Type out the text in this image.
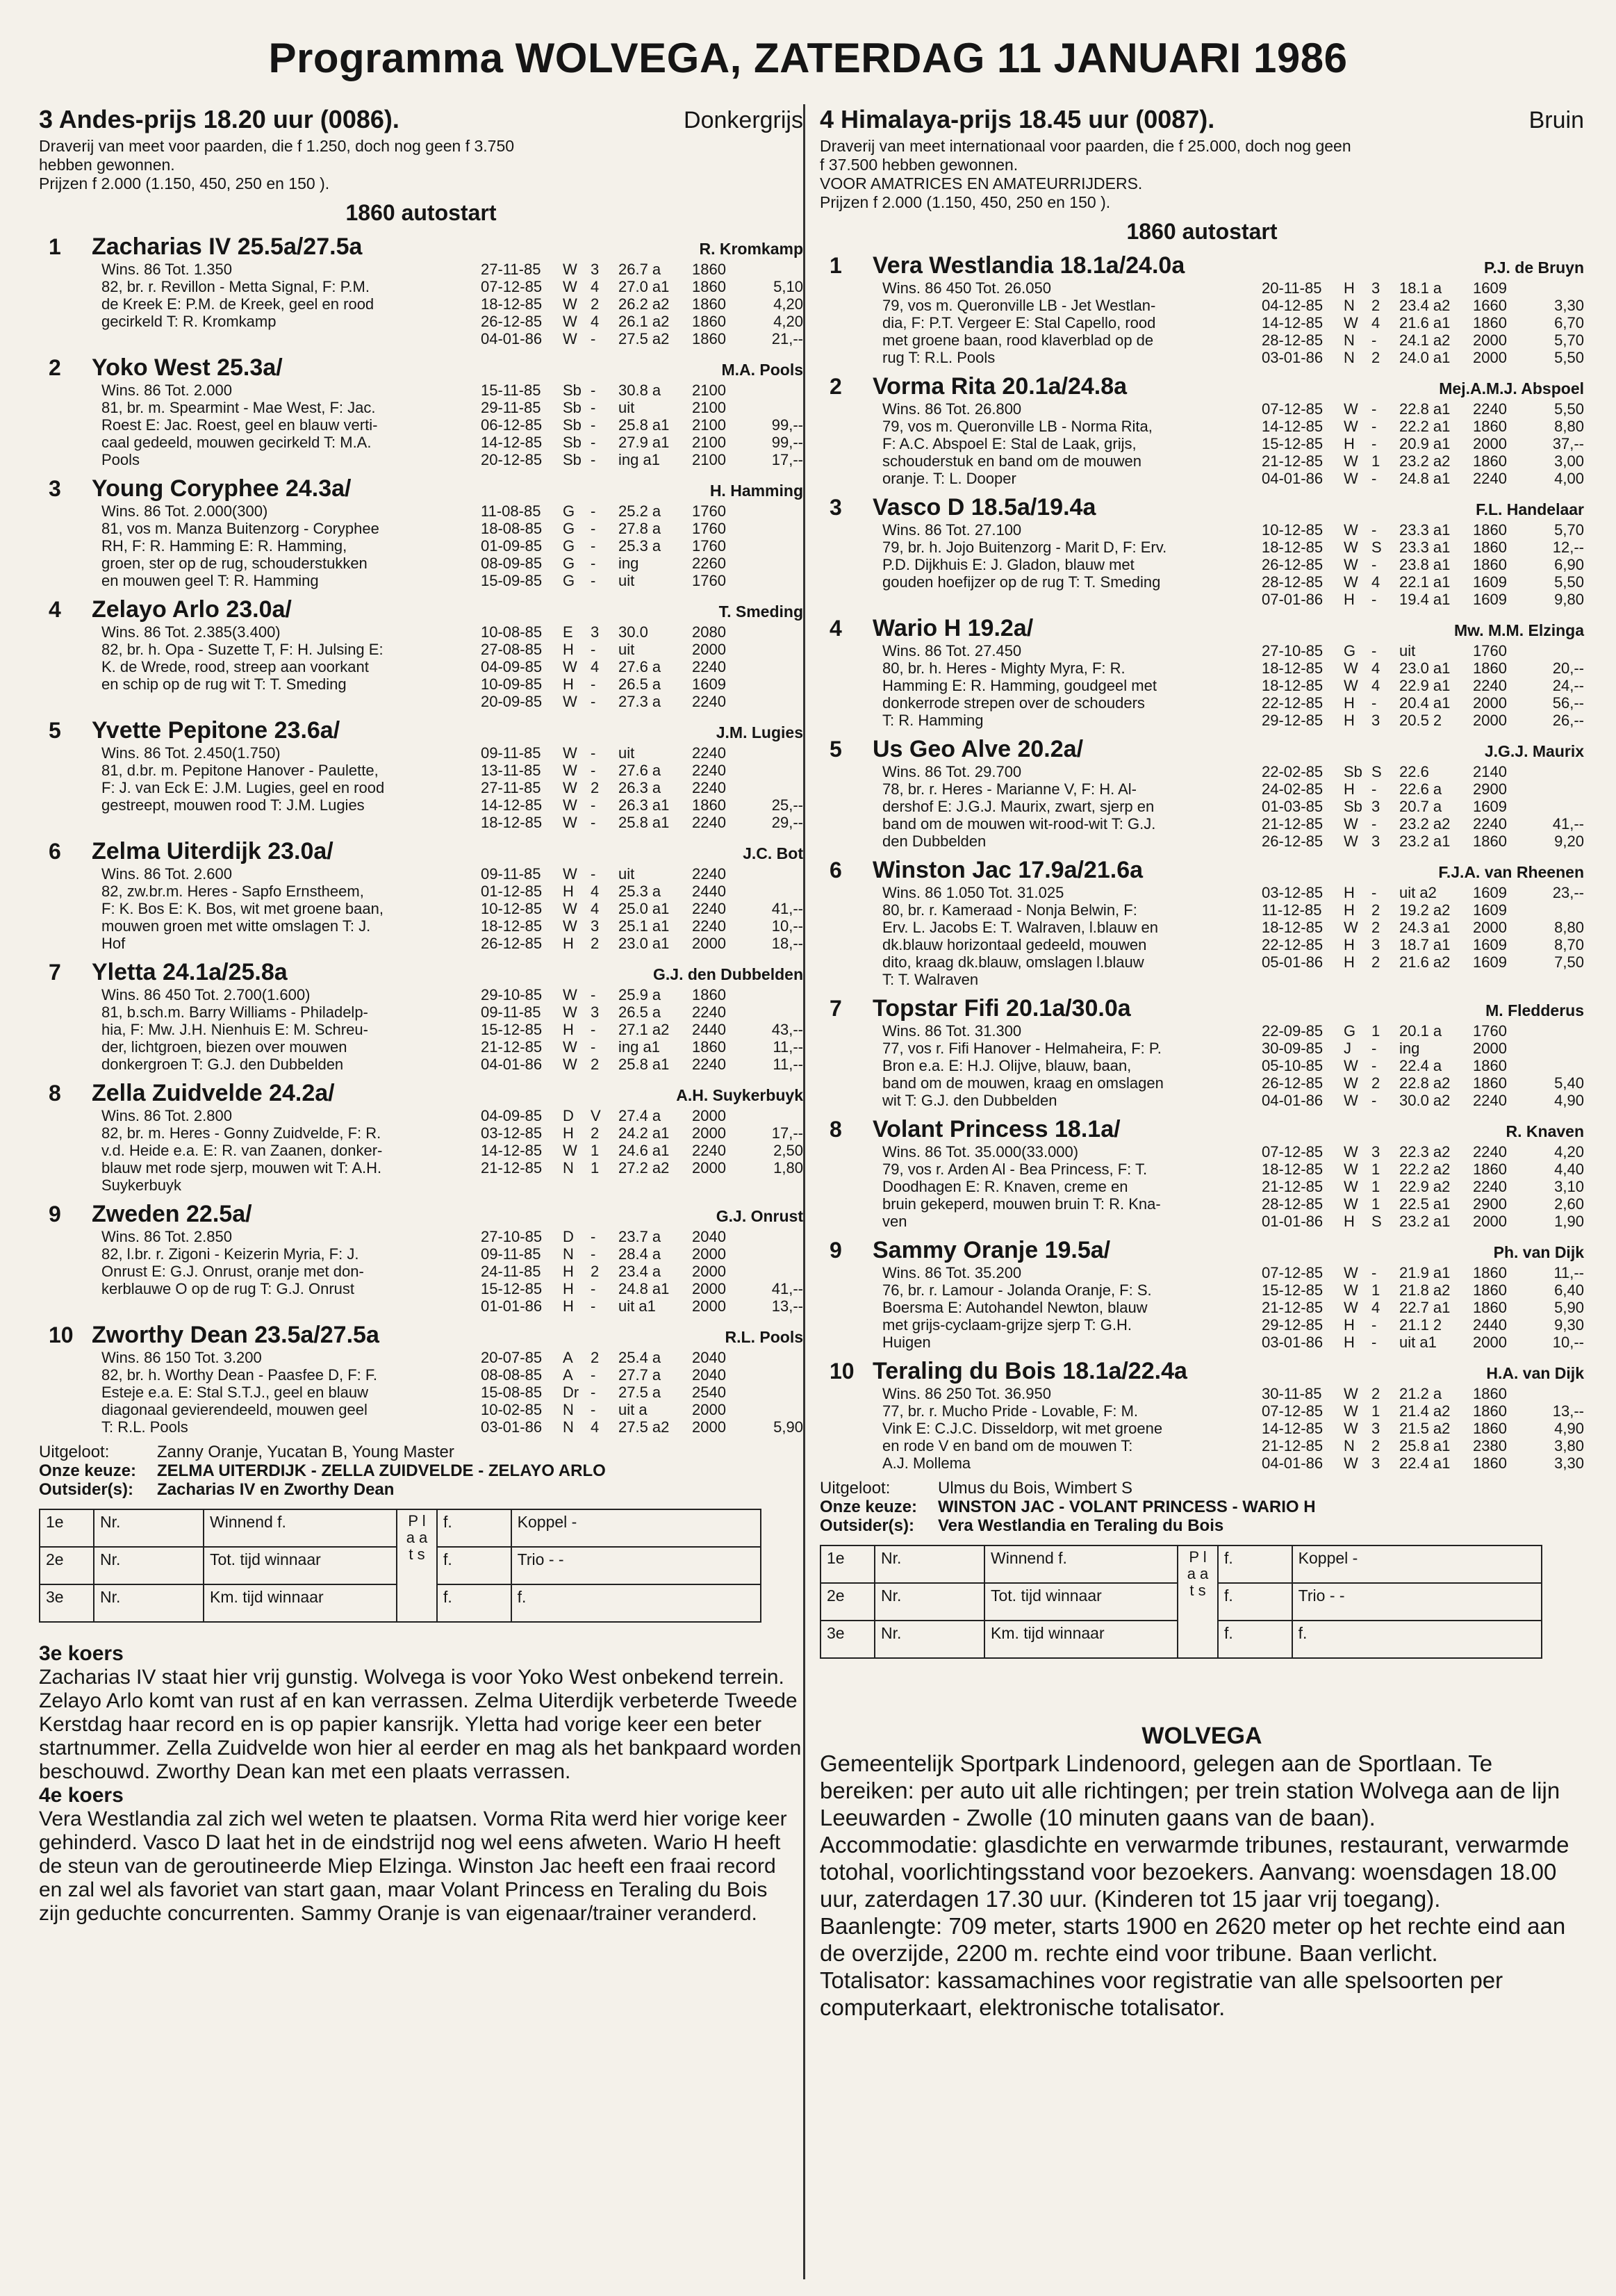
Programma WOLVEGA, ZATERDAG 11 JANUARI 1986
3 Andes-prijs 18.20 uur (0086).	Donkergrijs
Draverij van meet voor paarden, die f 1.250, doch nog geen f 3.750
hebben gewonnen.
Prijzen f 2.000 (1.150, 450, 250 en 150 ).
1860 autostart
1	Zacharias IV 25.5a/27.5a	R. Kromkamp
Wins. 86 Tot. 1.350
82, br. r. Revillon - Metta Signal, F: P.M.
de Kreek E: P.M. de Kreek, geel en rood
gecirkeld T: R. Kromkamp
27-11-85	W 3	26.7 a	1860
07-12-85	W 4	27.0 a1	1860	5,10
18-12-85	W 2	26.2 a2	1860	4,20
26-12-85	W 4	26.1 a2	1860	4,20
04-01-86	W -	27.5 a2	1860	21,--
2	Yoko West 25.3a/	M.A. Pools
Wins. 86 Tot. 2.000
81, br. m. Spearmint - Mae West, F: Jac.
Roest E: Jac. Roest, geel en blauw verti-
caal gedeeld, mouwen gecirkeld T: M.A.
Pools
15-11-85	Sb -	30.8 a	2100
29-11-85	Sb -	uit	2100
06-12-85	Sb -	25.8 a1	2100	99,--
14-12-85	Sb -	27.9 a1	2100	99,--
20-12-85	Sb -	ing a1	2100	17,--
3	Young Coryphee 24.3a/	H. Hamming
Wins. 86 Tot. 2.000(300)
81, vos m. Manza Buitenzorg - Coryphee
RH, F: R. Hamming E: R. Hamming,
groen, ster op de rug, schouderstukken
en mouwen geel T: R. Hamming
11-08-85	G	-	25.2 a	1760
18-08-85	G	-	27.8 a	1760
01-09-85	G	-	25.3 a	1760
08-09-85	G	-	ing	2260
15-09-85	G	-	uit	1760
4	Zelayo Arlo 23.0a/	T. Smeding
Wins. 86 Tot. 2.385(3.400)
82, br. h. Opa - Suzette T, F: H. Julsing E:
K. de Wrede, rood, streep aan voorkant
en schip op de rug wit T: T. Smeding
10-08-85	E	3	30.0	2080
27-08-85	H	-	uit	2000
04-09-85	W 4	27.6 a	2240
10-09-85	H	-	26.5 a	1609
20-09-85	W -	27.3 a	2240
5	Yvette Pepitone 23.6a/	J.M. Lugies
Wins. 86 Tot. 2.450(1.750)
81, d.br. m. Pepitone Hanover - Paulette,
F: J. van Eck E: J.M. Lugies, geel en rood
gestreept, mouwen rood T: J.M. Lugies
09-11-85	W -	uit	2240
13-11-85	W -	27.6 a	2240
27-11-85	W 2	26.3 a	2240
14-12-85	W -	26.3 a1	1860	25,--
18-12-85	W -	25.8 a1	2240	29,--
6	Zelma Uiterdijk 23.0a/	J.C. Bot
Wins. 86 Tot. 2.600
82, zw.br.m. Heres - Sapfo Ernstheem,
F: K. Bos E: K. Bos, wit met groene baan,
mouwen groen met witte omslagen T: J.
Hof
09-11-85	W -	uit	2240
01-12-85	H	4	25.3 a	2440
10-12-85	W 4	25.0 a1	2240	41,--
18-12-85	W 3	25.1 a1	2240	10,--
26-12-85	H	2	23.0 a1	2000	18,--
7	Yletta 24.1a/25.8a	G.J. den Dubbelden
Wins. 86 450 Tot. 2.700(1.600)
81, b.sch.m. Barry Williams - Philadelp-
hia, F: Mw. J.H. Nienhuis E: M. Schreu-
der, lichtgroen, biezen over mouwen
donkergroen T: G.J. den Dubbelden
29-10-85	W -	25.9 a	1860
09-11-85	W 3	26.5 a	2240
15-12-85	H	-	27.1 a2	2440	43,--
21-12-85	W -	ing a1	1860	11,--
04-01-86	W 2	25.8 a1	2240	11,--
8	Zella Zuidvelde 24.2a/	A.H. Suykerbuyk
Wins. 86 Tot. 2.800
82, br. m. Heres - Gonny Zuidvelde, F: R.
v.d. Heide e.a. E: R. van Zaanen, donker-
blauw met rode sjerp, mouwen wit T: A.H.
Suykerbuyk
04-09-85	D	V	27.4 a	2000
03-12-85	H	2	24.2 a1	2000	17,--
14-12-85	W 1	24.6 a1	2240	2,50
21-12-85	N	1	27.2 a2	2000	1,80
9	Zweden 22.5a/	G.J. Onrust
Wins. 86 Tot. 2.850
82, l.br. r. Zigoni - Keizerin Myria, F: J.
Onrust E: G.J. Onrust, oranje met don-
kerblauwe O op de rug T: G.J. Onrust
27-10-85	D	-	23.7 a	2040
09-11-85	N	-	28.4 a	2000
24-11-85	H	2	23.4 a	2000
15-12-85	H	-	24.8 a1	2000	41,--
01-01-86	H	-	uit a1	2000	13,--
10 Zworthy Dean 23.5a/27.5a	R.L. Pools
Wins. 86 150 Tot. 3.200
82, br. h. Worthy Dean - Paasfee D, F: F.
Esteje e.a. E: Stal S.T.J., geel en blauw
diagonaal gevierendeeld, mouwen geel
T: R.L. Pools
20-07-85	A	2	25.4 a	2040
08-08-85	A	-	27.7 a	2040
15-08-85	Dr -	27.5 a	2540
10-02-85	N	-	uit a	2000
03-01-86	N	4	27.5 a2	2000	5,90
Uitgeloot:	Zanny Oranje, Yucatan B, Young Master
Onze keuze: ZELMA UITERDIJK - ZELLA ZUIDVELDE - ZELAYO ARLO
Outsider(s): Zacharias IV en Zworthy Dean
1e	Nr.	Winnend f.	P l a a t s	f.	Koppel -
2e	Nr.	Tot. tijd winnaar		f.	Trio - -
3e	Nr.	Km. tijd winnaar		f.	f.
3e koers
Zacharias IV staat hier vrij gunstig. Wolvega is voor Yoko West onbekend terrein. Zelayo Arlo komt van rust af en kan verrassen. Zelma Uiterdijk verbeterde Tweede Kerstdag haar record en is op papier kansrijk. Yletta had vorige keer een beter startnummer. Zella Zuidvelde won hier al eerder en mag als het bankpaard worden beschouwd. Zworthy Dean kan met een plaats verrassen.
4e koers
Vera Westlandia zal zich wel weten te plaatsen. Vorma Rita werd hier vorige keer gehinderd. Vasco D laat het in de eindstrijd nog wel eens afweten. Wario H heeft de steun van de geroutineerde Miep Elzinga. Winston Jac heeft een fraai record en zal wel als favoriet van start gaan, maar Volant Princess en Teraling du Bois zijn geduchte concurrenten. Sammy Oranje is van eigenaar/trainer veranderd.
4 Himalaya-prijs 18.45 uur (0087).	Bruin
Draverij van meet internationaal voor paarden, die f 25.000, doch nog geen
f 37.500 hebben gewonnen.
VOOR AMATRICES EN AMATEURRIJDERS.
Prijzen f 2.000 (1.150, 450, 250 en 150 ).
1860 autostart
1	Vera Westlandia 18.1a/24.0a	P.J. de Bruyn
Wins. 86 450 Tot. 26.050
79, vos m. Queronville LB - Jet Westlan-
dia, F: P.T. Vergeer E: Stal Capello, rood
met groene baan, rood klaverblad op de
rug T: R.L. Pools
20-11-85	H	3	18.1 a	1609
04-12-85	N	2	23.4 a2	1660	3,30
14-12-85	W 4	21.6 a1	1860	6,70
28-12-85	N	-	24.1 a2	2000	5,70
03-01-86	N	2	24.0 a1	2000	5,50
2	Vorma Rita 20.1a/24.8a	Mej.A.M.J. Abspoel
Wins. 86 Tot. 26.800
79, vos m. Queronville LB - Norma Rita,
F: A.C. Abspoel E: Stal de Laak, grijs,
schouderstuk en band om de mouwen
oranje. T: L. Dooper
07-12-85	W -	22.8 a1	2240	5,50
14-12-85	W -	22.2 a1	1860	8,80
15-12-85	H	-	20.9 a1	2000	37,--
21-12-85	W 1	23.2 a2	1860	3,00
04-01-86	W -	24.8 a1	2240	4,00
3	Vasco D 18.5a/19.4a	F.L. Handelaar
Wins. 86 Tot. 27.100
79, br. h. Jojo Buitenzorg - Marit D, F: Erv.
P.D. Dijkhuis E: J. Gladon, blauw met
gouden hoefijzer op de rug T: T. Smeding
10-12-85	W -	23.3 a1	1860	5,70
18-12-85	W S	23.3 a1	1860	12,--
26-12-85	W -	23.8 a1	1860	6,90
28-12-85	W 4	22.1 a1	1609	5,50
07-01-86	H	-	19.4 a1	1609	9,80
4	Wario H 19.2a/	Mw. M.M. Elzinga
Wins. 86 Tot. 27.450
80, br. h. Heres - Mighty Myra, F: R.
Hamming E: R. Hamming, goudgeel met
donkerrode strepen over de schouders
T: R. Hamming
27-10-85	G	-	uit	1760
18-12-85	W 4	23.0 a1	1860	20,--
18-12-85	W 4	22.9 a1	2240	24,--
22-12-85	H	-	20.4 a1	2000	56,--
29-12-85	H	3	20.5 2	2000	26,--
5	Us Geo Alve 20.2a/	J.G.J. Maurix
Wins. 86 Tot. 29.700
78, br. r. Heres - Marianne V, F: H. Al-
dershof E: J.G.J. Maurix, zwart, sjerp en
band om de mouwen wit-rood-wit T: G.J.
den Dubbelden
22-02-85	Sb S	22.6	2140
24-02-85	H	-	22.6 a	2900
01-03-85	Sb 3	20.7 a	1609
21-12-85	W -	23.2 a2	2240	41,--
26-12-85	W 3	23.2 a1	1860	9,20
6	Winston Jac 17.9a/21.6a	F.J.A. van Rheenen
Wins. 86 1.050 Tot. 31.025
80, br. r. Kameraad - Nonja Belwin, F:
Erv. L. Jacobs E: T. Walraven, l.blauw en
dk.blauw horizontaal gedeeld, mouwen
dito, kraag dk.blauw, omslagen l.blauw
T: T. Walraven
03-12-85	H	-	uit a2	1609	23,--
11-12-85	H	2	19.2 a2	1609
18-12-85	W 2	24.3 a1	2000	8,80
22-12-85	H	3	18.7 a1	1609	8,70
05-01-86	H	2	21.6 a2	1609	7,50
7	Topstar Fifi 20.1a/30.0a	M. Fledderus
Wins. 86 Tot. 31.300
77, vos r. Fifi Hanover - Helmaheira, F: P.
Bron e.a. E: H.J. Olijve, blauw, baan,
band om de mouwen, kraag en omslagen
wit T: G.J. den Dubbelden
22-09-85	G	1	20.1 a	1760
30-09-85	J	-	ing	2000
05-10-85	W -	22.4 a	1860
26-12-85	W 2	22.8 a2	1860	5,40
04-01-86	W -	30.0 a2	2240	4,90
8	Volant Princess 18.1a/	R. Knaven
Wins. 86 Tot. 35.000(33.000)
79, vos r. Arden Al - Bea Princess, F: T.
Doodhagen E: R. Knaven, creme en
bruin gekeperd, mouwen bruin T: R. Kna-
ven
07-12-85	W 3	22.3 a2	2240	4,20
18-12-85	W 1	22.2 a2	1860	4,40
21-12-85	W 1	22.9 a2	2240	3,10
28-12-85	W 1	22.5 a1	2900	2,60
01-01-86	H	S	23.2 a1	2000	1,90
9	Sammy Oranje 19.5a/	Ph. van Dijk
Wins. 86 Tot. 35.200
76, br. r. Lamour - Jolanda Oranje, F: S.
Boersma E: Autohandel Newton, blauw
met grijs-cyclaam-grijze sjerp T: G.H.
Huigen
07-12-85	W -	21.9 a1	1860	11,--
15-12-85	W 1	21.8 a2	1860	6,40
21-12-85	W 4	22.7 a1	1860	5,90
29-12-85	H	-	21.1 2	2440	9,30
03-01-86	H	-	uit a1	2000	10,--
10 Teraling du Bois 18.1a/22.4a	H.A. van Dijk
Wins. 86 250 Tot. 36.950
77, br. r. Mucho Pride - Lovable, F: M.
Vink E: C.J.C. Disseldorp, wit met groene
en rode V en band om de mouwen T:
A.J. Mollema
30-11-85	W 2	21.2 a	1860
07-12-85	W 1	21.4 a2	1860	13,--
14-12-85	W 3	21.5 a2	1860	4,90
21-12-85	N	2	25.8 a1	2380	3,80
04-01-86	W 3	22.4 a1	1860	3,30
Uitgeloot:	Ulmus du Bois, Wimbert S
Onze keuze: WINSTON JAC - VOLANT PRINCESS - WARIO H
Outsider(s): Vera Westlandia en Teraling du Bois
1e	Nr.	Winnend f.	P l a a t s	f.	Koppel -
2e	Nr.	Tot. tijd winnaar		f.	Trio - -
3e	Nr.	Km. tijd winnaar		f.	f.
WOLVEGA
Gemeentelijk Sportpark Lindenoord, gelegen aan de Sportlaan. Te bereiken: per auto uit alle richtingen; per trein station Wolvega aan de lijn Leeuwarden - Zwolle (10 minuten gaans van de baan).
Accommodatie: glasdichte en verwarmde tribunes, restaurant, verwarmde totohal, voorlichtingsstand voor bezoekers. Aanvang: woensdagen 18.00 uur, zaterdagen 17.30 uur. (Kinderen tot 15 jaar vrij toegang).
Baanlengte: 709 meter, starts 1900 en 2620 meter op het rechte eind aan de overzijde, 2200 m. rechte eind voor tribune. Baan verlicht.
Totalisator: kassamachines voor registratie van alle spelsoorten per computerkaart, elektronische totalisator.
